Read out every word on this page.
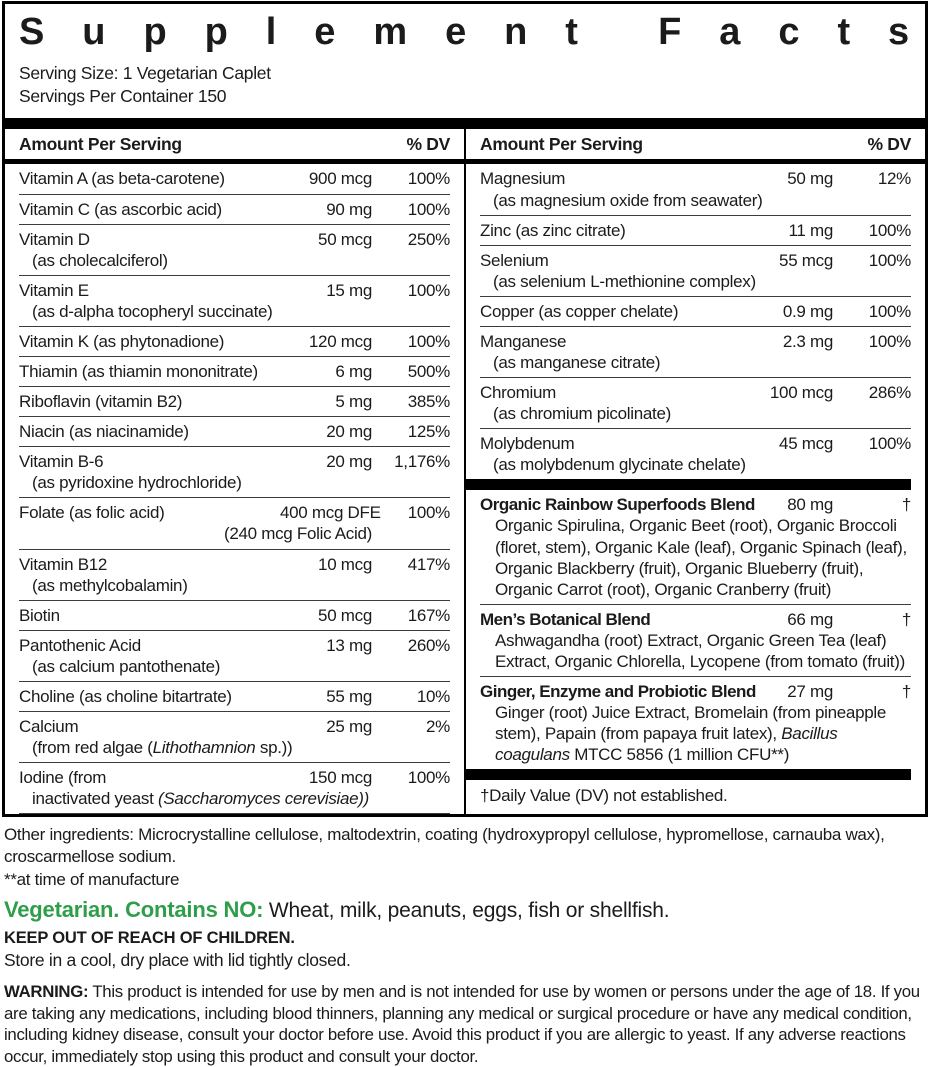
S u p p l e m e n t F a c t s
Serving Size: 1 Vegetarian Caplet
Servings Per Container 150
Amount Per Serving	% DV
Vitamin A (as beta-carotene)	900 mcg	100%
Vitamin C (as ascorbic acid)	90 mg	100%
Vitamin D	50 mcg	250%
(as cholecalciferol)
Vitamin E	15 mg	100%
(as d-alpha tocopheryl succinate)
Vitamin K (as phytonadione)	120 mcg	100%
Thiamin (as thiamin mononitrate)	6 mg	500%
Riboflavin (vitamin B2)	5 mg	385%
Niacin (as niacinamide)	20 mg	125%
Vitamin B-6	20 mg	1,176%
(as pyridoxine hydrochloride)
Folate (as folic acid)	400 mcg DFE	100%
(240 mcg Folic Acid)
Vitamin B12	10 mcg	417%
(as methylcobalamin)
Biotin	50 mcg	167%
Pantothenic Acid	13 mg	260%
(as calcium pantothenate)
Choline (as choline bitartrate)	55 mg	10%
Calcium	25 mg	2%
(from red algae (Lithothamnion sp.))
Iodine (from	150 mcg	100%
inactivated yeast (Saccharomyces cerevisiae))
Amount Per Serving	% DV
Magnesium	50 mg	12%
(as magnesium oxide from seawater)
Zinc (as zinc citrate)	11 mg	100%
Selenium	55 mcg	100%
(as selenium L-methionine complex)
Copper (as copper chelate)	0.9 mg	100%
Manganese	2.3 mg	100%
(as manganese citrate)
Chromium	100 mcg	286%
(as chromium picolinate)
Molybdenum	45 mcg	100%
(as molybdenum glycinate chelate)
Organic Rainbow Superfoods Blend	80 mg	†
Organic Spirulina, Organic Beet (root), Organic Broccoli (floret, stem), Organic Kale (leaf), Organic Spinach (leaf), Organic Blackberry (fruit), Organic Blueberry (fruit), Organic Carrot (root), Organic Cranberry (fruit)
Men’s Botanical Blend	66 mg	†
Ashwagandha (root) Extract, Organic Green Tea (leaf) Extract, Organic Chlorella, Lycopene (from tomato (fruit))
Ginger, Enzyme and Probiotic Blend	27 mg	†
Ginger (root) Juice Extract, Bromelain (from pineapple stem), Papain (from papaya fruit latex), Bacillus coagulans MTCC 5856 (1 million CFU**)
†Daily Value (DV) not established.

Other ingredients: Microcrystalline cellulose, maltodextrin, coating (hydroxypropyl cellulose, hypromellose, carnauba wax), croscarmellose sodium.

**at time of manufacture

Vegetarian. Contains NO: Wheat, milk, peanuts, eggs, fish or shellfish.

KEEP OUT OF REACH OF CHILDREN.

Store in a cool, dry place with lid tightly closed.

WARNING: This product is intended for use by men and is not intended for use by women or persons under the age of 18. If you are taking any medications, including blood thinners, planning any medical or surgical procedure or have any medical condition, including kidney disease, consult your doctor before use. Avoid this product if you are allergic to yeast. If any adverse reactions occur, immediately stop using this product and consult your doctor.
